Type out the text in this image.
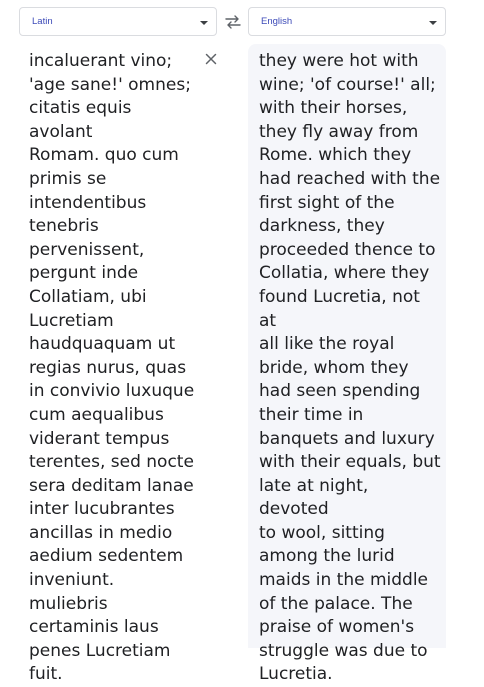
Latin	English

incaluerant vino;
'age sane!' omnes;
citatis equis avolant
Romam. quo cum
primis se
intendentibus
tenebris
pervenissent,
pergunt inde
Collatiam, ubi
Lucretiam
haudquaquam ut
regias nurus, quas
in convivio luxuque
cum aequalibus
viderant tempus
terentes, sed nocte
sera deditam lanae
inter lucubrantes
ancillas in medio
aedium sedentem
inveniunt. muliebris
certaminis laus
penes Lucretiam
fuit.

they were hot with
wine; 'of course!' all;
with their horses,
they fly away from
Rome. which they
had reached with the
first sight of the
darkness, they
proceeded thence to
Collatia, where they
found Lucretia, not at
all like the royal
bride, whom they
had seen spending
their time in
banquets and luxury
with their equals, but
late at night, devoted
to wool, sitting
among the lurid
maids in the middle
of the palace. The
praise of women's
struggle was due to
Lucretia.
